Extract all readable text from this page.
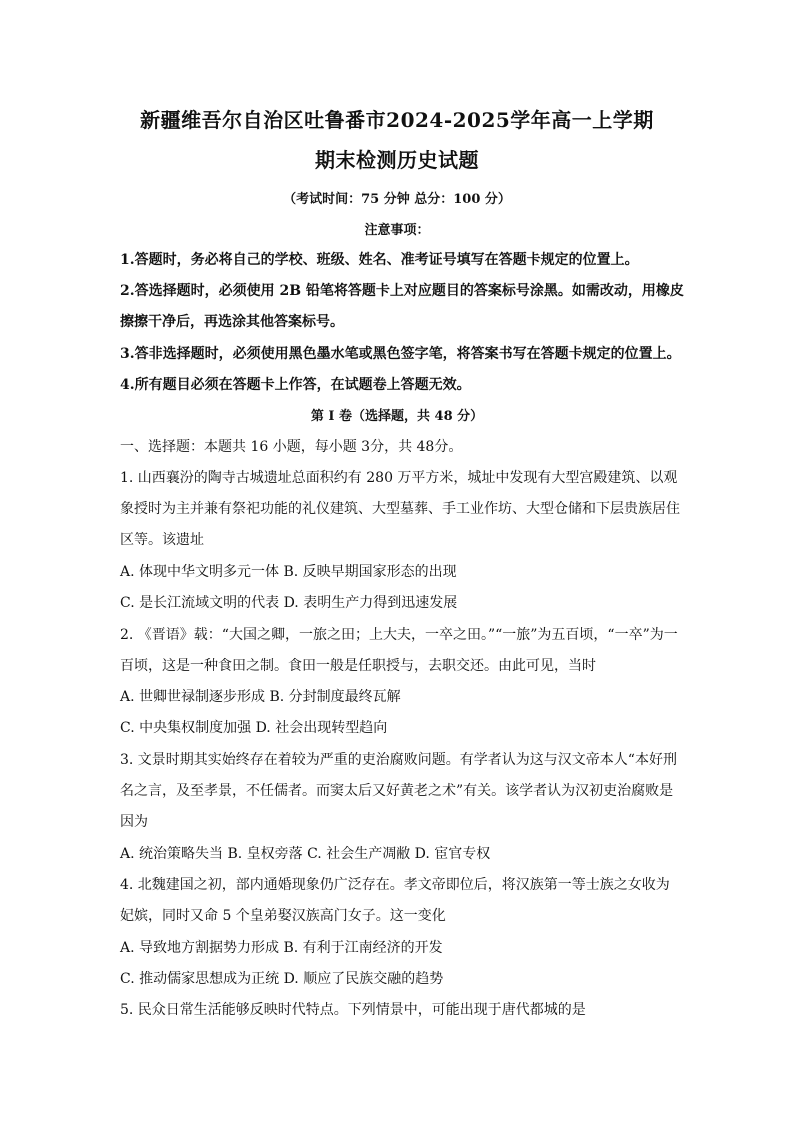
新疆维吾尔自治区吐鲁番市2024-2025学年高一上学期
期末检测历史试题
（考试时间：75 分钟 总分：100 分）
注意事项：
1.答题时，务必将自己的学校、班级、姓名、准考证号填写在答题卡规定的位置上。
2.答选择题时，必须使用 2B 铅笔将答题卡上对应题目的答案标号涂黑。如需改动，用橡皮
擦擦干净后，再选涂其他答案标号。
3.答非选择题时，必须使用黑色墨水笔或黑色签字笔，将答案书写在答题卡规定的位置上。
4.所有题目必须在答题卡上作答，在试题卷上答题无效。
第 I 卷（选择题，共 48 分）
一、选择题：本题共 16 小题，每小题 3分，共 48分。
1. 山西襄汾的陶寺古城遗址总面积约有 280 万平方米，城址中发现有大型宫殿建筑、以观
象授时为主并兼有祭祀功能的礼仪建筑、大型墓葬、手工业作坊、大型仓储和下层贵族居住
区等。该遗址
A. 体现中华文明多元一体 B. 反映早期国家形态的出现
C. 是长江流域文明的代表 D. 表明生产力得到迅速发展
2. 《晋语》载：“大国之卿，一旅之田；上大夫，一卒之田。”“一旅”为五百顷，“一卒”为一
百顷，这是一种食田之制。食田一般是任职授与，去职交还。由此可见，当时
A. 世卿世禄制逐步形成 B. 分封制度最终瓦解
C. 中央集权制度加强 D. 社会出现转型趋向
3. 文景时期其实始终存在着较为严重的吏治腐败问题。有学者认为这与汉文帝本人“本好刑
名之言，及至孝景，不任儒者。而窦太后又好黄老之术”有关。该学者认为汉初吏治腐败是
因为
A. 统治策略失当 B. 皇权旁落 C. 社会生产凋敝 D. 宦官专权
4. 北魏建国之初，部内通婚现象仍广泛存在。孝文帝即位后，将汉族第一等士族之女收为
妃嫔，同时又命 5 个皇弟娶汉族高门女子。这一变化
A. 导致地方割据势力形成 B. 有利于江南经济的开发
C. 推动儒家思想成为正统 D. 顺应了民族交融的趋势
5. 民众日常生活能够反映时代特点。下列情景中，可能出现于唐代都城的是
